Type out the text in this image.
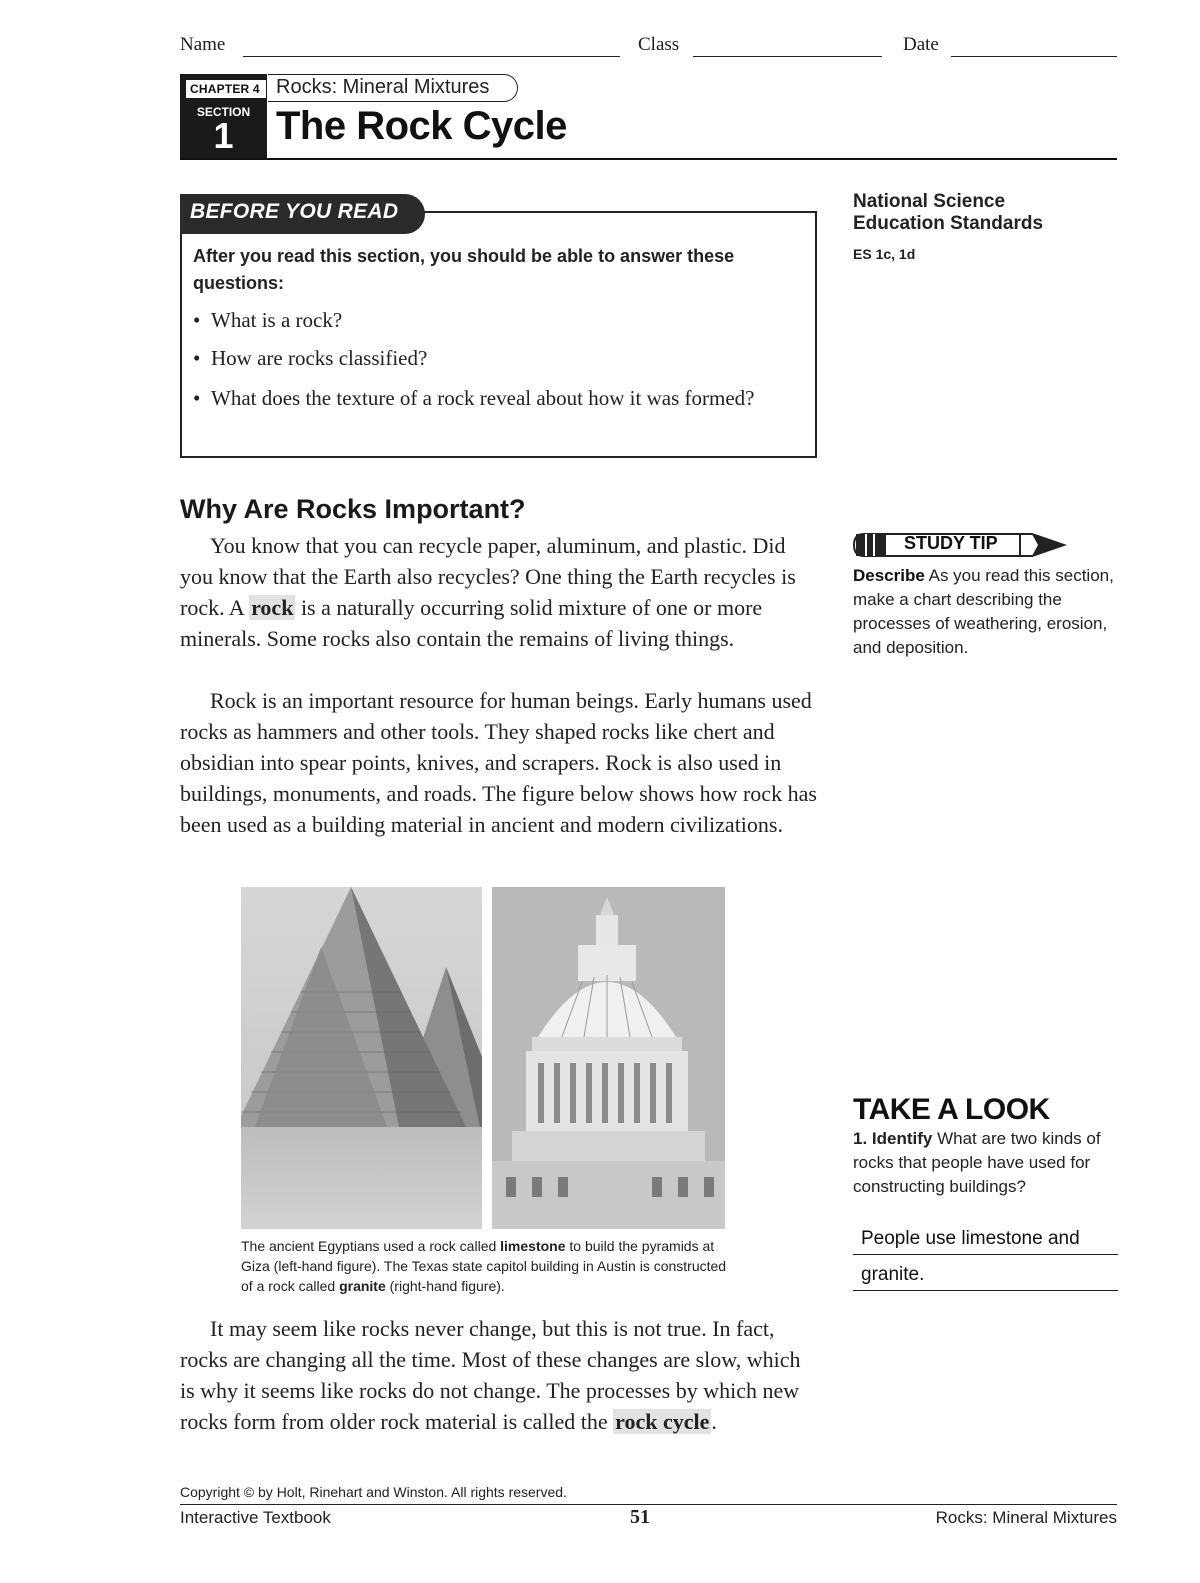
Name	Class	Date
CHAPTER 4
SECTION
1
Rocks: Mineral Mixtures
The Rock Cycle
BEFORE YOU READ
After you read this section, you should be able to answer these questions:
• What is a rock?
• How are rocks classified?
• What does the texture of a rock reveal about how it was formed?
National Science Education Standards
ES 1c, 1d
Why Are Rocks Important?
You know that you can recycle paper, aluminum, and plastic. Did you know that the Earth also recycles? One thing the Earth recycles is rock. A rock is a naturally occurring solid mixture of one or more minerals. Some rocks also contain the remains of living things.
Rock is an important resource for human beings. Early humans used rocks as hammers and other tools. They shaped rocks like chert and obsidian into spear points, knives, and scrapers. Rock is also used in buildings, monuments, and roads. The figure below shows how rock has been used as a building material in ancient and modern civilizations.
The ancient Egyptians used a rock called limestone to build the pyramids at Giza (left-hand figure). The Texas state capitol building in Austin is constructed of a rock called granite (right-hand figure).
It may seem like rocks never change, but this is not true. In fact, rocks are changing all the time. Most of these changes are slow, which is why it seems like rocks do not change. The processes by which new rocks form from older rock material is called the rock cycle.
STUDY TIP
Describe As you read this section, make a chart describing the processes of weathering, erosion, and deposition.
TAKE A LOOK
1. Identify What are two kinds of rocks that people have used for constructing buildings?
People use limestone and
granite.
Copyright © by Holt, Rinehart and Winston. All rights reserved.
Interactive Textbook	51	Rocks: Mineral Mixtures
